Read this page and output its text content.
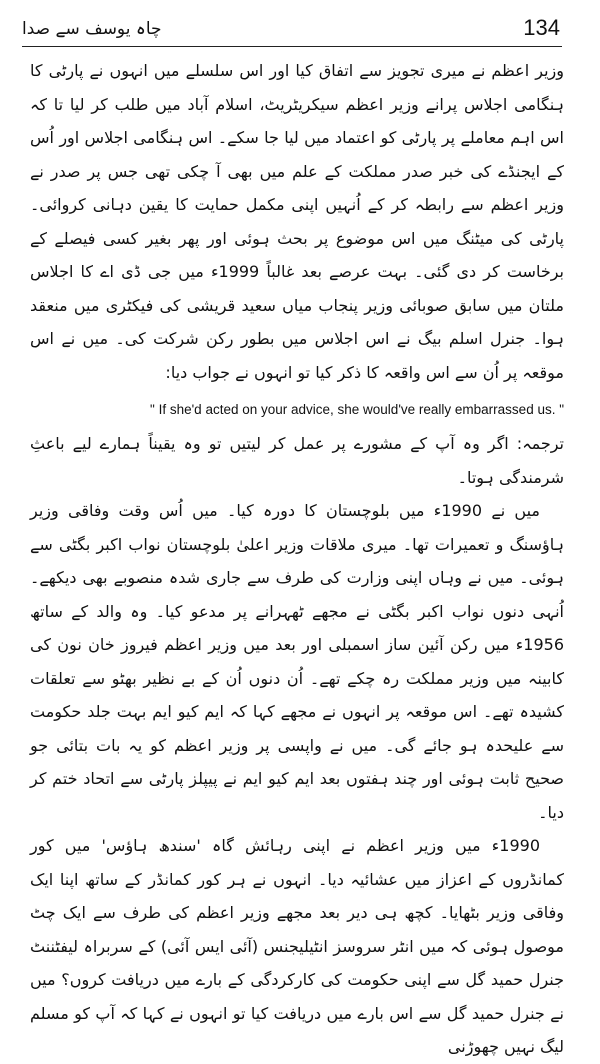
چاہ یوسف سے صدا	134

وزیر اعظم نے میری تجویز سے اتفاق کیا اور اس سلسلے میں انہوں نے پارٹی کا ہنگامی اجلاس پرانے وزیر اعظم سیکریٹریٹ، اسلام آباد میں طلب کر لیا تا کہ اس اہم معاملے پر پارٹی کو اعتماد میں لیا جا سکے۔ اس ہنگامی اجلاس اور اُس کے ایجنڈے کی خبر صدر مملکت کے علم میں بھی آ چکی تھی جس پر صدر نے وزیر اعظم سے رابطہ کر کے اُنہیں اپنی مکمل حمایت کا یقین دہانی کروائی۔ پارٹی کی میٹنگ میں اس موضوع پر بحث ہوئی اور پھر بغیر کسی فیصلے کے برخاست کر دی گئی۔ بہت عرصے بعد غالباً 1999ء میں جی ڈی اے کا اجلاس ملتان میں سابق صوبائی وزیر پنجاب میاں سعید قریشی کی فیکٹری میں منعقد ہوا۔ جنرل اسلم بیگ نے اس اجلاس میں بطور رکن شرکت کی۔ میں نے اس موقعہ پر اُن سے اس واقعہ کا ذکر کیا تو انہوں نے جواب دیا:

" If she'd acted on your advice, she would've really embarrassed us. "

ترجمہ: اگر وہ آپ کے مشورے پر عمل کر لیتیں تو وہ یقیناً ہمارے لیے باعثِ شرمندگی ہوتا۔

میں نے 1990ء میں بلوچستان کا دورہ کیا۔ میں اُس وقت وفاقی وزیر ہاؤسنگ و تعمیرات تھا۔ میری ملاقات وزیر اعلیٰ بلوچستان نواب اکبر بگٹی سے ہوئی۔ میں نے وہاں اپنی وزارت کی طرف سے جاری شدہ منصوبے بھی دیکھے۔ اُنہی دنوں نواب اکبر بگٹی نے مجھے ٹھہرانے پر مدعو کیا۔ وہ والد کے ساتھ 1956ء میں رکن آئین ساز اسمبلی اور بعد میں وزیر اعظم فیروز خان نون کی کابینہ میں وزیر مملکت رہ چکے تھے۔ اُن دنوں اُن کے بے نظیر بھٹو سے تعلقات کشیدہ تھے۔ اس موقعہ پر انہوں نے مجھے کہا کہ ایم کیو ایم بہت جلد حکومت سے علیحدہ ہو جائے گی۔ میں نے واپسی پر وزیر اعظم کو یہ بات بتائی جو صحیح ثابت ہوئی اور چند ہفتوں بعد ایم کیو ایم نے پیپلز پارٹی سے اتحاد ختم کر دیا۔

1990ء میں وزیر اعظم نے اپنی رہائش گاہ 'سندھ ہاؤس' میں کور کمانڈروں کے اعزاز میں عشائیہ دیا۔ انہوں نے ہر کور کمانڈر کے ساتھ اپنا ایک وفاقی وزیر بٹھایا۔ کچھ ہی دیر بعد مجھے وزیر اعظم کی طرف سے ایک چٹ موصول ہوئی کہ میں انٹر سروسز انٹیلیجنس (آئی ایس آئی) کے سربراہ لیفٹننٹ جنرل حمید گل سے اپنی حکومت کی کارکردگی کے بارے میں دریافت کروں؟ میں نے جنرل حمید گل سے اس بارے میں دریافت کیا تو انہوں نے کہا کہ آپ کو مسلم لیگ نہیں چھوڑنی
